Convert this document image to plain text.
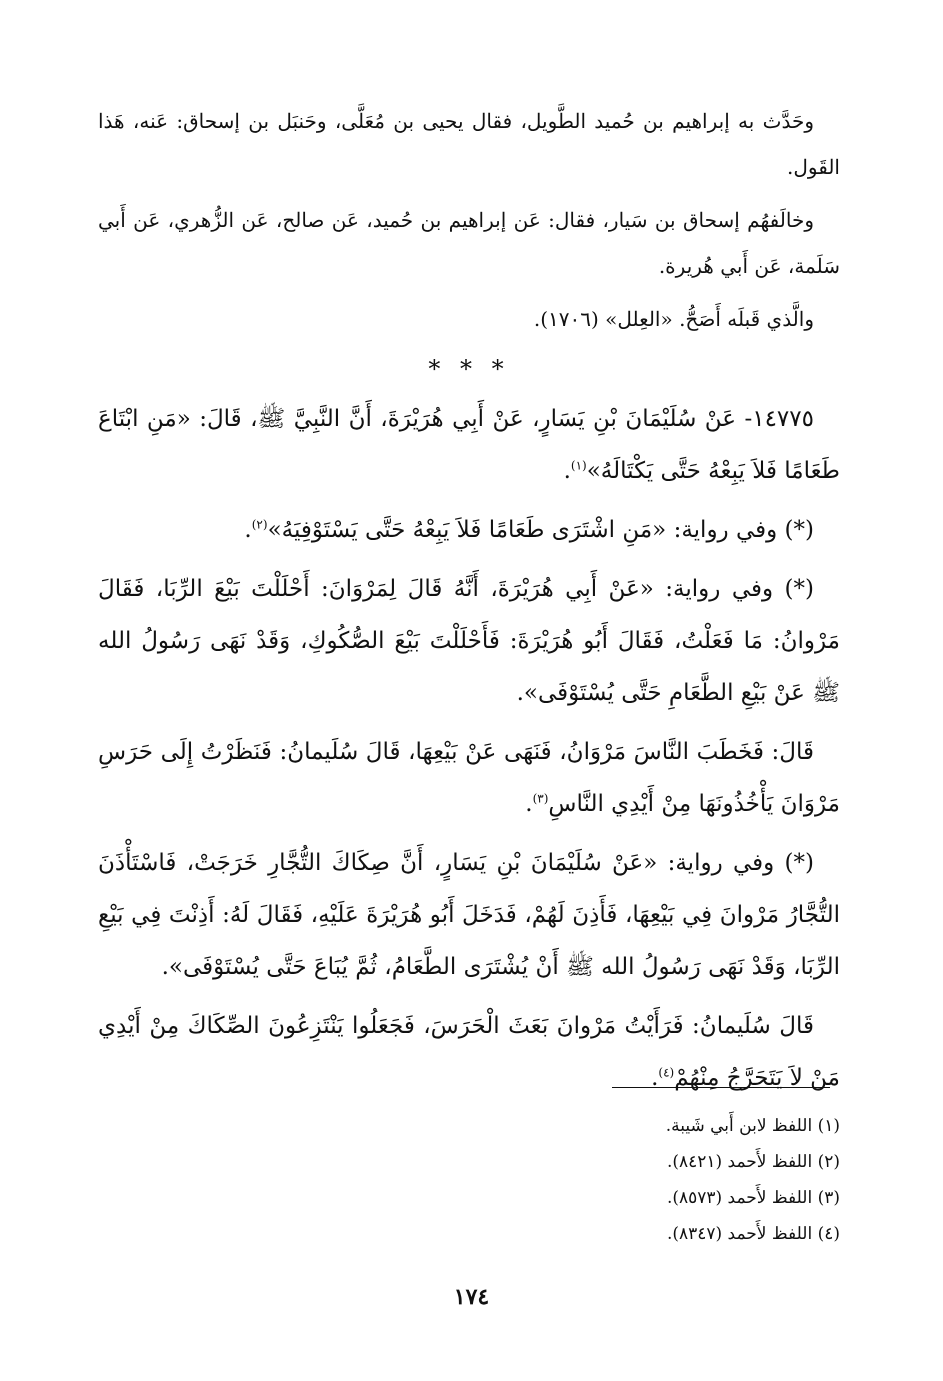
وحَدَّث به إبراهيم بن حُميد الطَّويل، فقال يحيى بن مُعَلَّى، وحَنبَل بن إسحاق: عَنه، هَذا القَول.

وخالَفهُم إسحاق بن سَيار، فقال: عَن إبراهيم بن حُميد، عَن صالح، عَن الزُّهري، عَن أَبي سَلَمة، عَن أَبي هُريرة.

والَّذي قَبلَه أَصَحُّ. «العِلل» (١٧٠٦).

* * *

١٤٧٧٥- عَنْ سُلَيْمَانَ بْنِ يَسَارٍ، عَنْ أَبِي هُرَيْرَةَ، أَنَّ النَّبِيَّ ﷺ، قَالَ: «مَنِ ابْتَاعَ طَعَامًا فَلاَ يَبِعْهُ حَتَّى يَكْتَالَهُ»$^{(١)}$.

(*) وفي رواية: «مَنِ اشْتَرَى طَعَامًا فَلاَ يَبِعْهُ حَتَّى يَسْتَوْفِيَهُ»$^{(٢)}$.

(*) وفي رواية: «عَنْ أَبِي هُرَيْرَةَ، أَنَّهُ قَالَ لِمَرْوَانَ: أَحْلَلْتَ بَيْعَ الرِّبَا، فَقَالَ مَرْوانُ: مَا فَعَلْتُ، فَقَالَ أَبُو هُرَيْرَةَ: فَأَحْلَلْتَ بَيْعَ الصُّكُوكِ، وَقَدْ نَهَى رَسُولُ الله ﷺ عَنْ بَيْعِ الطَّعَامِ حَتَّى يُسْتَوْفَى».

قَالَ: فَخَطَبَ النَّاسَ مَرْوَانُ، فَنَهَى عَنْ بَيْعِهَا، قَالَ سُلَيمانُ: فَنَظَرْتُ إِلَى حَرَسِ مَرْوَانَ يَأْخُذُونَهَا مِنْ أَيْدِي النَّاسِ$^{(٣)}$.

(*) وفي رواية: «عَنْ سُلَيْمَانَ بْنِ يَسَارٍ، أَنَّ صِكَاكَ التُّجَّارِ خَرَجَتْ، فَاسْتَأْذَنَ التُّجَّارُ مَرْوانَ فِي بَيْعِهَا، فَأَذِنَ لَهُمْ، فَدَخَلَ أَبُو هُرَيْرَةَ عَلَيْهِ، فَقَالَ لَهُ: أَذِنْتَ فِي بَيْعِ الرِّبَا، وَقَدْ نَهَى رَسُولُ الله ﷺ أَنْ يُشْتَرَى الطَّعَامُ، ثُمَّ يُبَاعَ حَتَّى يُسْتَوْفَى».

قَالَ سُلَيمانُ: فَرَأَيْتُ مَرْوانَ بَعَثَ الْحَرَسَ، فَجَعَلُوا يَنْتَزِعُونَ الصِّكَاكَ مِنْ أَيْدِي مَنْ لاَ يَتَحَرَّجُ مِنْهُمْ$^{(٤)}$.

(١) اللفظ لابن أَبي شَيبة.

(٢) اللفظ لأَحمد (٨٤٢١).

(٣) اللفظ لأَحمد (٨٥٧٣).

(٤) اللفظ لأَحمد (٨٣٤٧).

١٧٤
